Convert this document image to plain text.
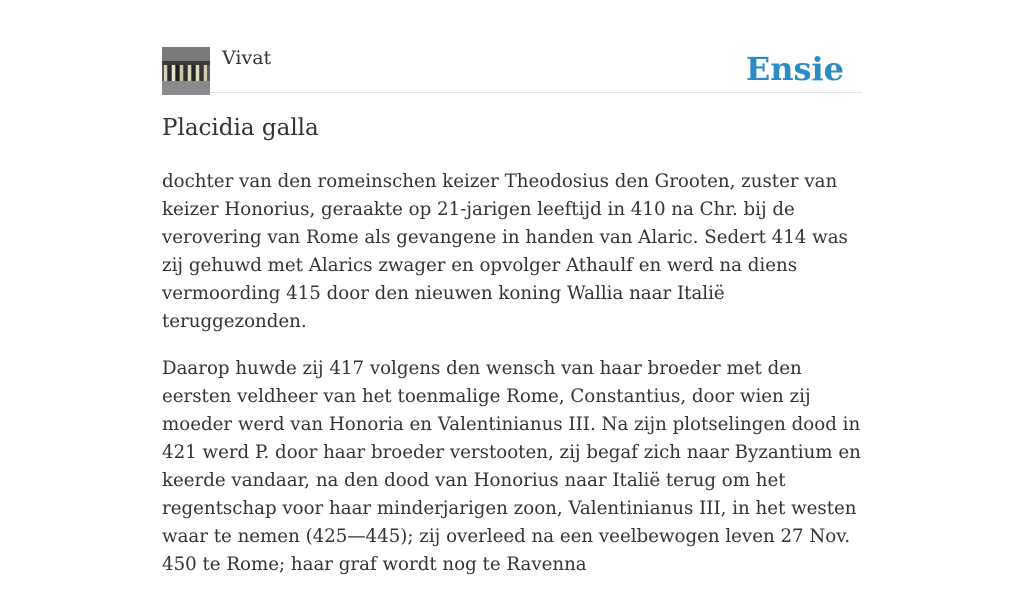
Vivat	Ensie
Placidia galla

dochter van den romeinschen keizer Theodosius den Grooten, zuster van keizer Honorius, geraakte op 21-jarigen leeftijd in 410 na Chr. bij de verovering van Rome als gevangene in handen van Alaric. Sedert 414 was zij gehuwd met Alarics zwager en opvolger Athaulf en werd na diens vermoording 415 door den nieuwen koning Wallia naar Italië teruggezonden.

Daarop huwde zij 417 volgens den wensch van haar broeder met den eersten veldheer van het toenmalige Rome, Constantius, door wien zij moeder werd van Honoria en Valentinianus III. Na zijn plotselingen dood in 421 werd P. door haar broeder verstooten, zij begaf zich naar Byzantium en keerde vandaar, na den dood van Honorius naar Italië terug om het regentschap voor haar minderjarigen zoon, Valentinianus III, in het westen waar te nemen (425—445); zij overleed na een veelbewogen leven 27 Nov. 450 te Rome; haar graf wordt nog te Ravenna
